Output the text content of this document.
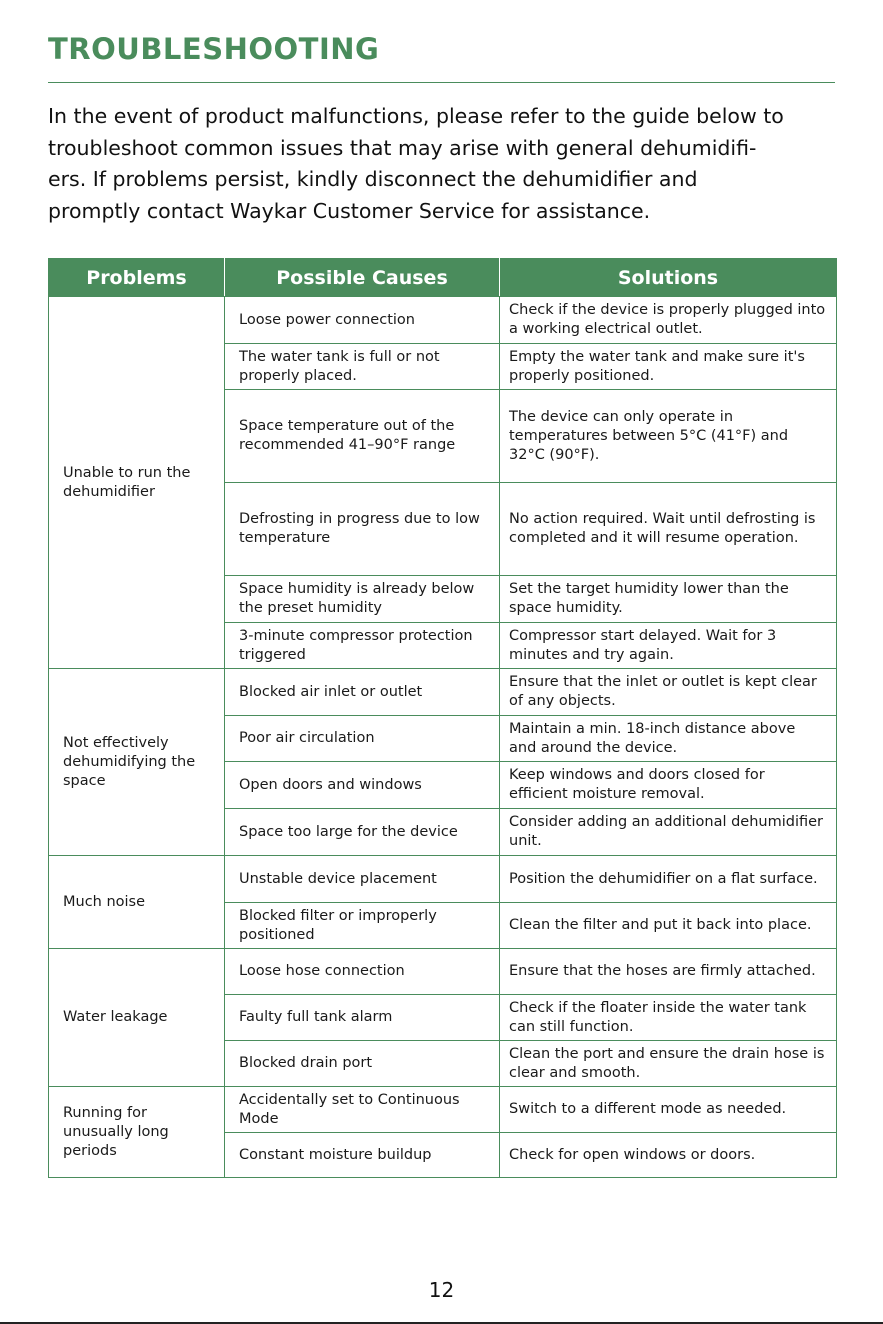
TROUBLESHOOTING
In the event of product malfunctions, please refer to the guide below to
troubleshoot common issues that may arise with general dehumidifi-
ers. If problems persist, kindly disconnect the dehumidifier and
promptly contact Waykar Customer Service for assistance.
Problems	Possible Causes	Solutions
Unable to run the dehumidifier	Loose power connection	Check if the device is properly plugged into a working electrical outlet.
	The water tank is full or not properly placed.	Empty the water tank and make sure it's properly positioned.
	Space temperature out of the recommended 41–90°F range	The device can only operate in temperatures between 5°C (41°F) and 32°C (90°F).
	Defrosting in progress due to low temperature	No action required. Wait until defrosting is completed and it will resume operation.
	Space humidity is already below the preset humidity	Set the target humidity lower than the space humidity.
	3-minute compressor protection triggered	Compressor start delayed. Wait for 3 minutes and try again.
Not effectively dehumidifying the space	Blocked air inlet or outlet	Ensure that the inlet or outlet is kept clear of any objects.
	Poor air circulation	Maintain a min. 18-inch distance above and around the device.
	Open doors and windows	Keep windows and doors closed for efficient moisture removal.
	Space too large for the device	Consider adding an additional dehumidifier unit.
Much noise	Unstable device placement	Position the dehumidifier on a flat surface.
	Blocked filter or improperly positioned	Clean the filter and put it back into place.
Water leakage	Loose hose connection	Ensure that the hoses are firmly attached.
	Faulty full tank alarm	Check if the floater inside the water tank can still function.
	Blocked drain port	Clean the port and ensure the drain hose is clear and smooth.
Running for unusually long periods	Accidentally set to Continuous Mode	Switch to a different mode as needed.
	Constant moisture buildup	Check for open windows or doors.
12
